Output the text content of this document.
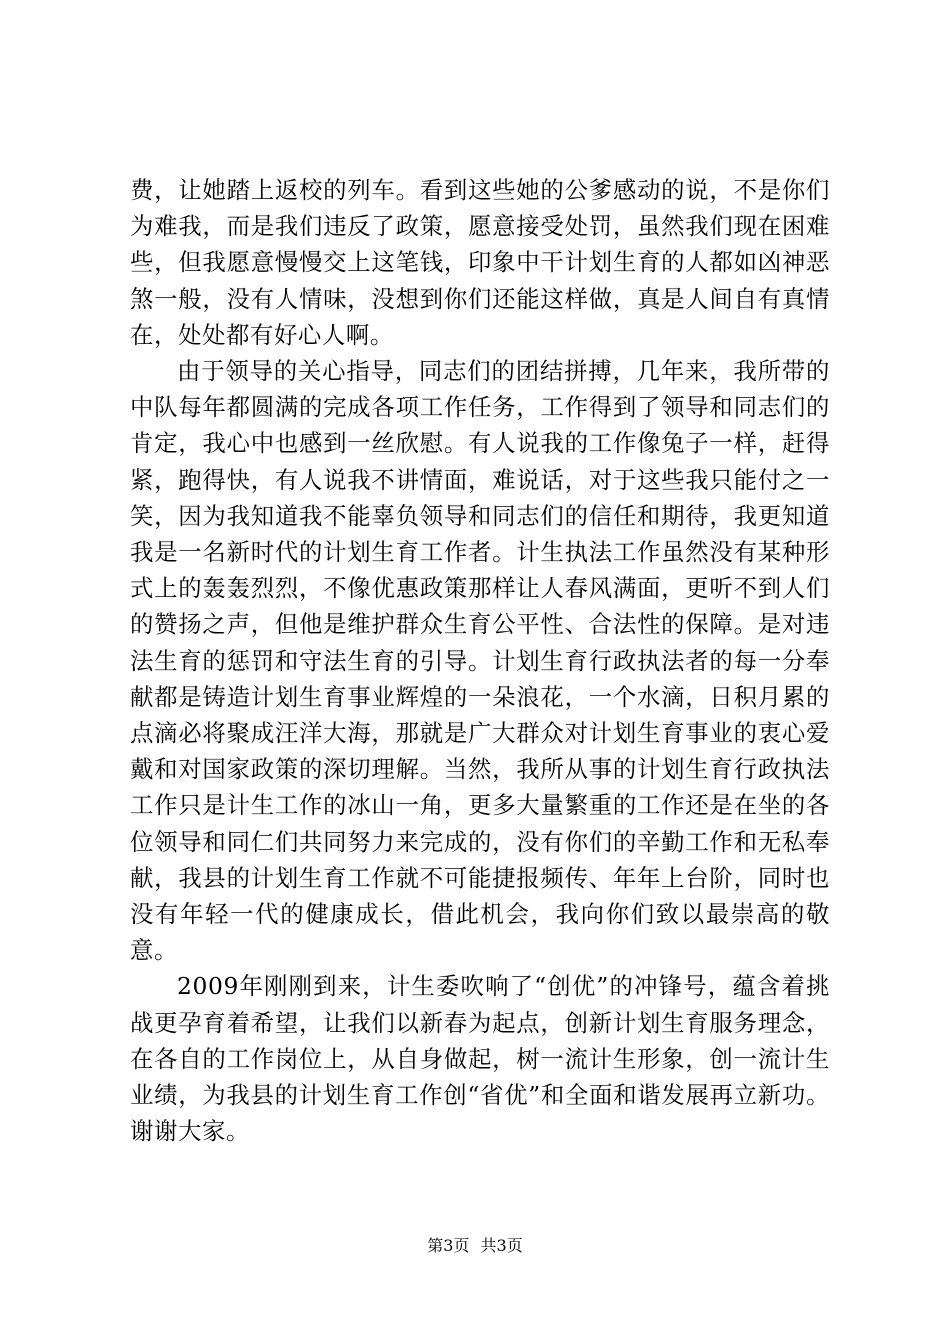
费，让她踏上返校的列车。看到这些她的公爹感动的说，不是你们为难我，而是我们违反了政策，愿意接受处罚，虽然我们现在困难些，但我愿意慢慢交上这笔钱，印象中干计划生育的人都如凶神恶煞一般，没有人情味，没想到你们还能这样做，真是人间自有真情在，处处都有好心人啊。

由于领导的关心指导，同志们的团结拼搏，几年来，我所带的中队每年都圆满的完成各项工作任务，工作得到了领导和同志们的肯定，我心中也感到一丝欣慰。有人说我的工作像兔子一样，赶得紧，跑得快，有人说我不讲情面，难说话，对于这些我只能付之一笑，因为我知道我不能辜负领导和同志们的信任和期待，我更知道我是一名新时代的计划生育工作者。计生执法工作虽然没有某种形式上的轰轰烈烈，不像优惠政策那样让人春风满面，更听不到人们的赞扬之声，但他是维护群众生育公平性、合法性的保障。是对违法生育的惩罚和守法生育的引导。计划生育行政执法者的每一分奉献都是铸造计划生育事业辉煌的一朵浪花，一个水滴，日积月累的点滴必将聚成汪洋大海，那就是广大群众对计划生育事业的衷心爱戴和对国家政策的深切理解。当然，我所从事的计划生育行政执法工作只是计生工作的冰山一角，更多大量繁重的工作还是在坐的各位领导和同仁们共同努力来完成的，没有你们的辛勤工作和无私奉献，我县的计划生育工作就不可能捷报频传、年年上台阶，同时也没有年轻一代的健康成长，借此机会，我向你们致以最崇高的敬意。

2009年刚刚到来，计生委吹响了“创优”的冲锋号，蕴含着挑战更孕育着希望，让我们以新春为起点，创新计划生育服务理念，在各自的工作岗位上，从自身做起，树一流计生形象，创一流计生业绩，为我县的计划生育工作创“省优”和全面和谐发展再立新功。谢谢大家。

第3页 共3页
